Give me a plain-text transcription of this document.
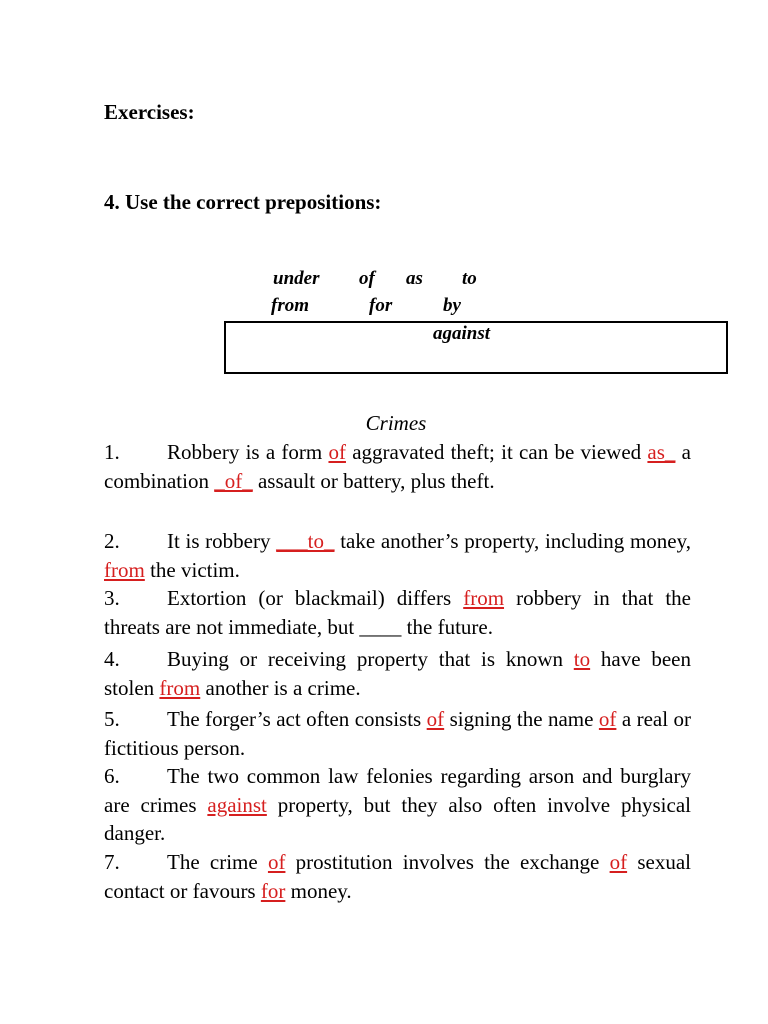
Exercises:
4. Use the correct prepositions:
under of as to
from	for	by
against
Crimes
1. Robbery is a form of aggravated theft; it can be viewed as_ a combination _of_ assault or battery, plus theft.
2. It is robbery ___to_ take another’s property, including money, from the victim.
3. Extortion (or blackmail) differs from robbery in that the threats are not immediate, but ____ the future.
4. Buying or receiving property that is known to have been stolen from another is a crime.
5. The forger’s act often consists of signing the name of a real or fictitious person.
6. The two common law felonies regarding arson and burglary are crimes against property, but they also often involve physical danger.
7. The crime of prostitution involves the exchange of sexual contact or favours for money.
